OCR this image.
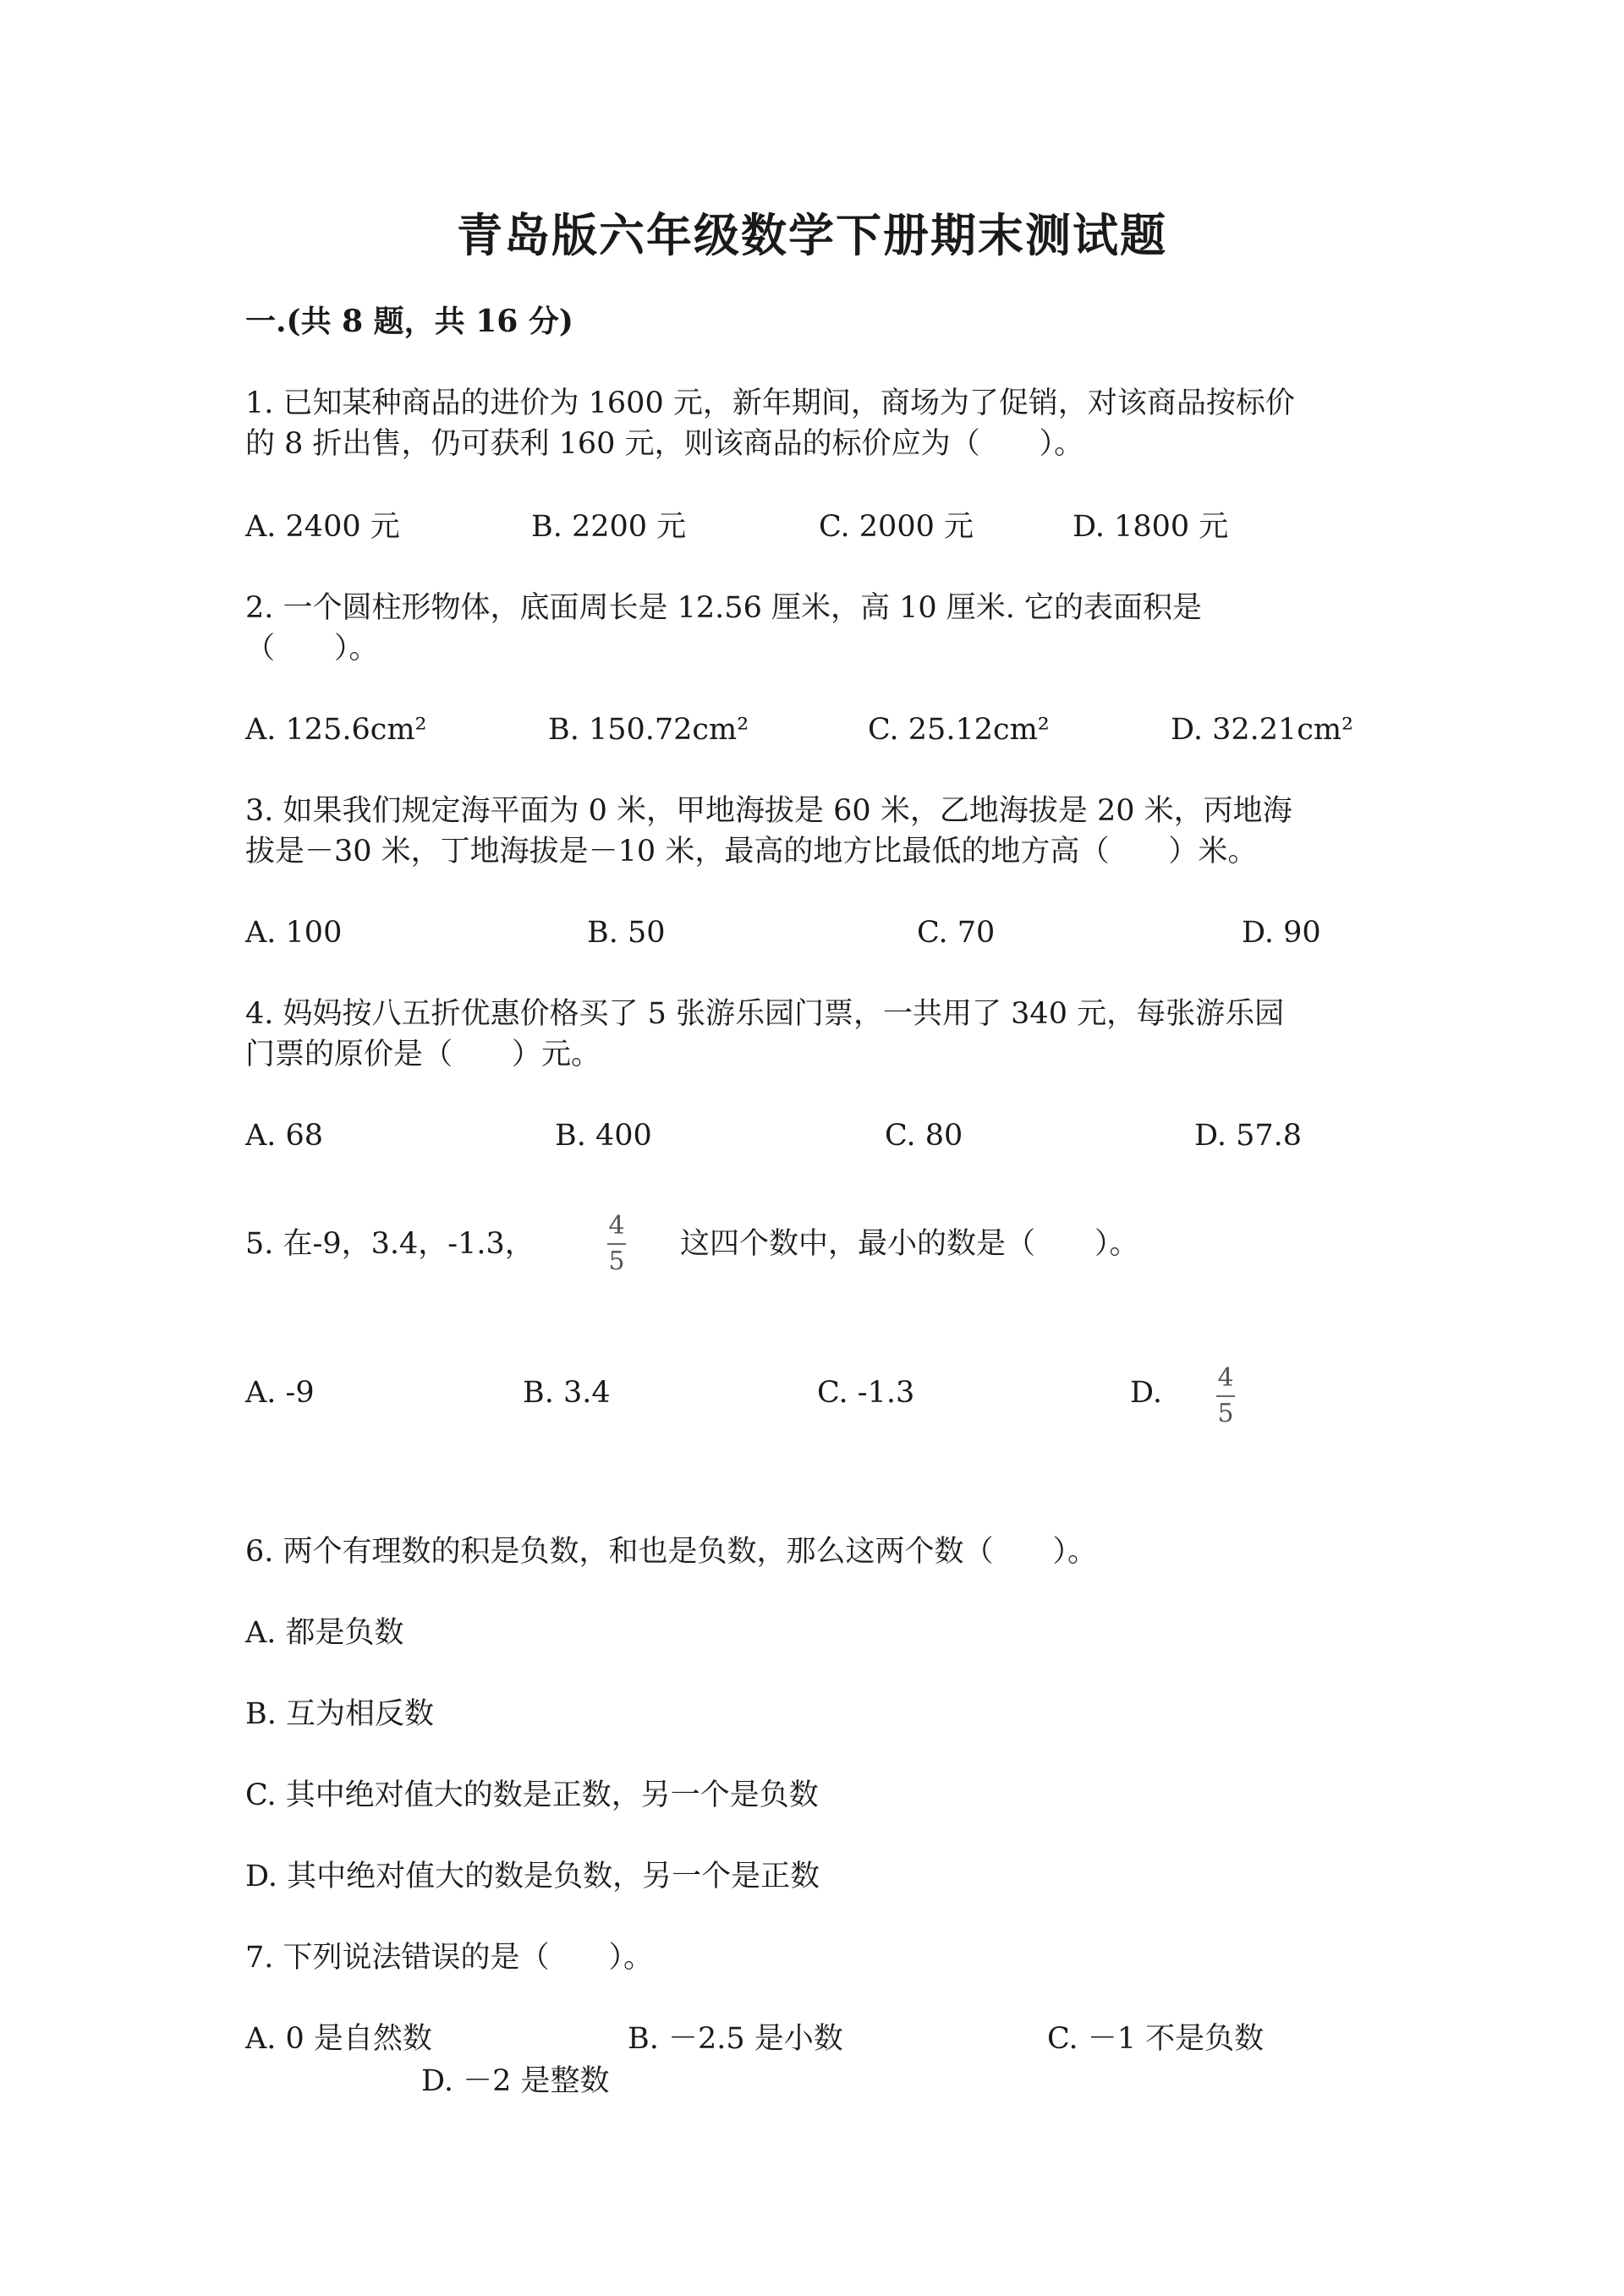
青岛版六年级数学下册期末测试题
一.(共 8 题，共 16 分)
1. 已知某种商品的进价为 1600 元，新年期间，商场为了促销，对该商品按标价
的 8 折出售，仍可获利 160 元，则该商品的标价应为（　　）。
A. 2400 元	B. 2200 元	C. 2000 元	D. 1800 元
2. 一个圆柱形物体，底面周长是 12.56 厘米，高 10 厘米. 它的表面积是
（　　）。
A. 125.6cm²	B. 150.72cm²	C. 25.12cm²	D. 32.21cm²
3. 如果我们规定海平面为 0 米，甲地海拔是 60 米，乙地海拔是 20 米，丙地海
拔是－30 米，丁地海拔是－10 米，最高的地方比最低的地方高（　　）米。
A. 100	B. 50	C. 70	D. 90
4. 妈妈按八五折优惠价格买了 5 张游乐园门票，一共用了 340 元，每张游乐园
门票的原价是（　　）元。
A. 68	B. 400	C. 80	D. 57.8
5. 在-9，3.4，-1.3，
4
5
这四个数中，最小的数是（　　）。
A. -9	B. 3.4	C. -1.3	D. 4
5
6. 两个有理数的积是负数，和也是负数，那么这两个数（　　）。
A. 都是负数
B. 互为相反数
C. 其中绝对值大的数是正数，另一个是负数
D. 其中绝对值大的数是负数，另一个是正数
7. 下列说法错误的是（　　）。
A. 0 是自然数	B. －2.5 是小数	C. －1 不是负数
D. －2 是整数
